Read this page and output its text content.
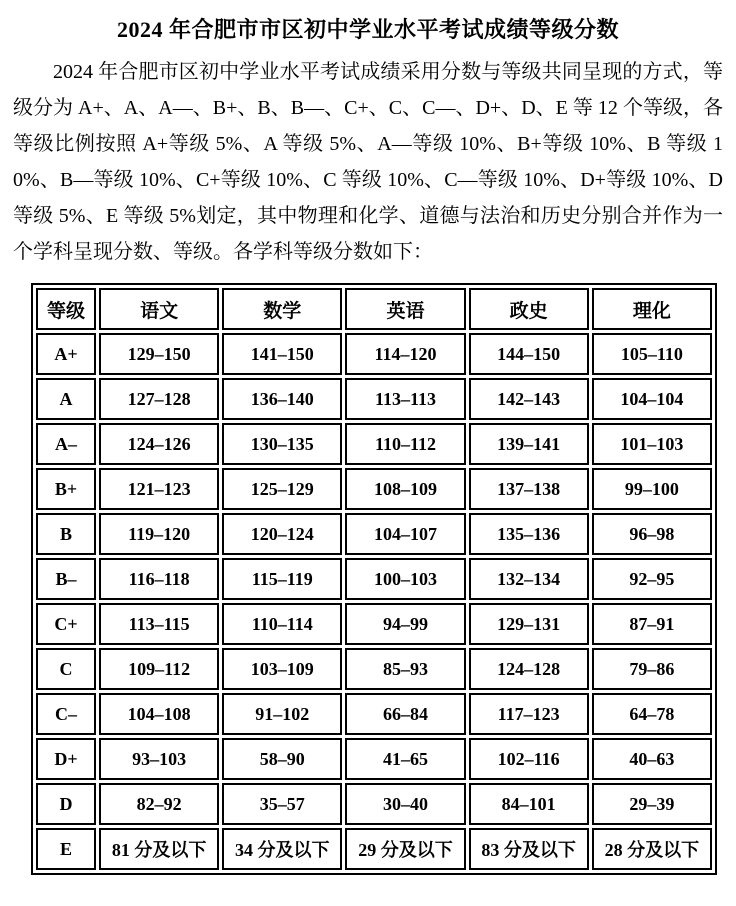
2024 年合肥市市区初中学业水平考试成绩等级分数

2024 年合肥市区初中学业水平考试成绩采用分数与等级共同呈现的方式，等级分为 A+、A、A—、B+、B、B—、C+、C、C—、D+、D、E 等 12 个等级，各等级比例按照 A+等级 5%、A 等级 5%、A—等级 10%、B+等级 10%、B 等级 10%、B—等级 10%、C+等级 10%、C 等级 10%、C—等级 10%、D+等级 10%、D 等级 5%、E 等级 5%划定，其中物理和化学、道德与法治和历史分别合并作为一个学科呈现分数、等级。各学科等级分数如下：

等级	语文	数学	英语	政史	理化
A+	129–150	141–150	114–120	144–150	105–110
A	127–128	136–140	113–113	142–143	104–104
A–	124–126	130–135	110–112	139–141	101–103
B+	121–123	125–129	108–109	137–138	99–100
B	119–120	120–124	104–107	135–136	96–98
B–	116–118	115–119	100–103	132–134	92–95
C+	113–115	110–114	94–99	129–131	87–91
C	109–112	103–109	85–93	124–128	79–86
C–	104–108	91–102	66–84	117–123	64–78
D+	93–103	58–90	41–65	102–116	40–63
D	82–92	35–57	30–40	84–101	29–39
E	81 分及以下	34 分及以下	29 分及以下	83 分及以下	28 分及以下
